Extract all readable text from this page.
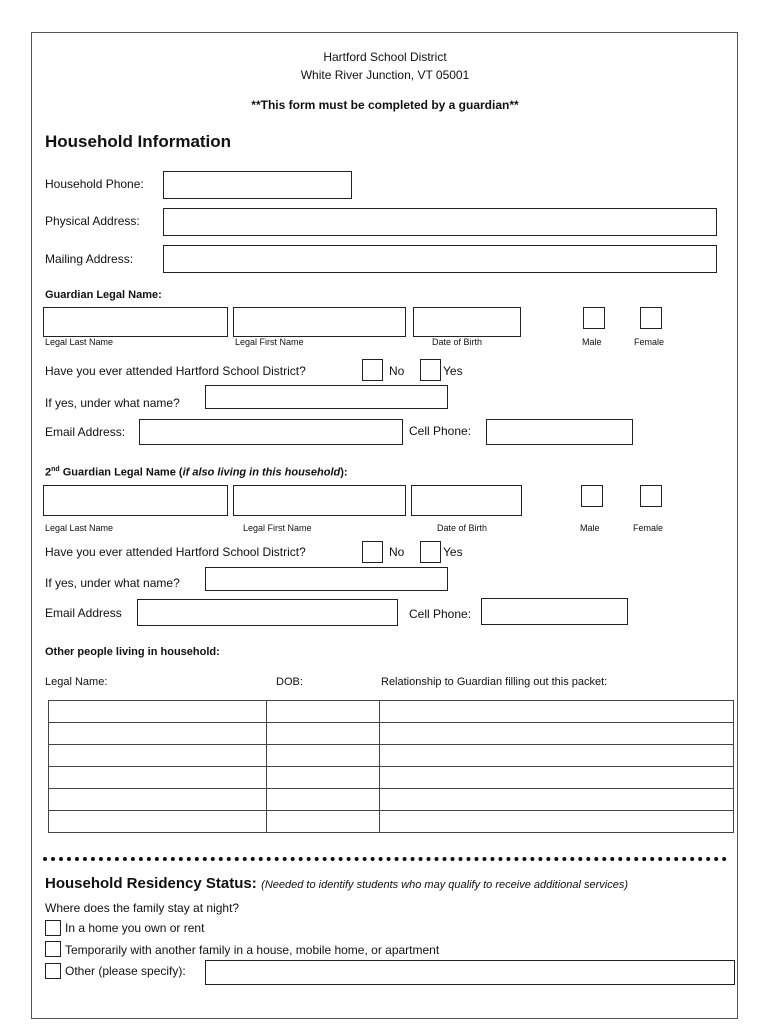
Hartford School District
White River Junction, VT 05001
**This form must be completed by a guardian**
Household Information
Household Phone:
Physical Address:
Mailing Address:
Guardian Legal Name:
Legal Last Name	Legal First Name	Date of Birth	Male	Female
Have you ever attended Hartford School District?	No	Yes
If yes, under what name?
Email Address:	Cell Phone:
2nd Guardian Legal Name (if also living in this household):
Legal Last Name	Legal First Name	Date of Birth	Male	Female
Have you ever attended Hartford School District?	No	Yes
If yes, under what name?
Email Address	Cell Phone:
Other people living in household:
Legal Name:	DOB:	Relationship to Guardian filling out this packet:

Household Residency Status: (Needed to identify students who may qualify to receive additional services)
Where does the family stay at night?
In a home you own or rent
Temporarily with another family in a house, mobile home, or apartment
Other (please specify):
